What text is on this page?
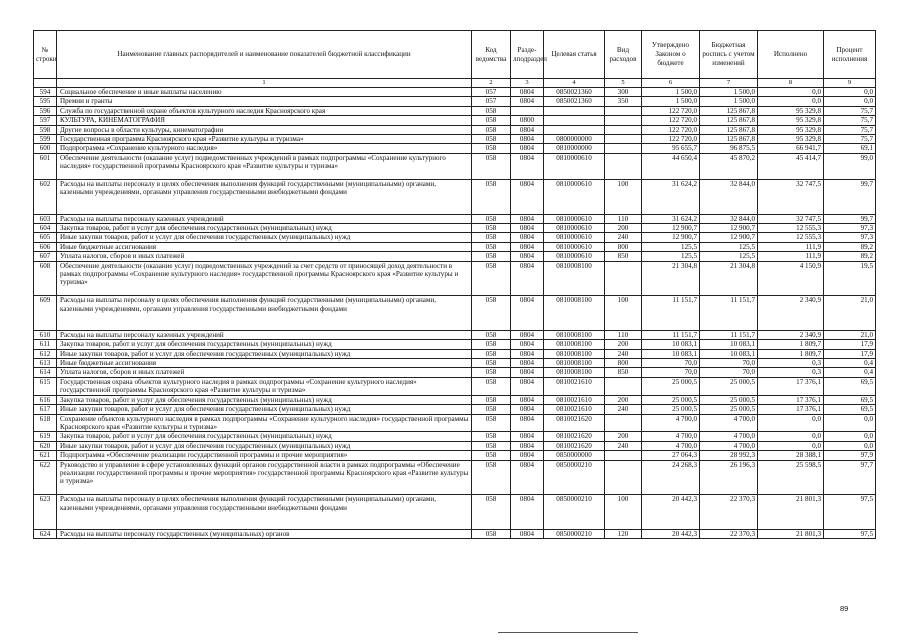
№ строки	Наименование главных распорядителей и наименование показателей бюджетной классификации	Код ведомства	Разде-лподраздел	Целевая статья	Вид расходов	Утверждено Законом о бюджете	Бюджетная роспись с учетом изменений	Исполнено	Процент исполнения
	1	2	3	4	5	6	7	8	9
594	Социальное обеспечение и иные выплаты населению	057	0804	0850021360	300	1 500,0	1 500,0	0,0	0,0
595	Премии и гранты	057	0804	0850021360	350	1 500,0	1 500,0	0,0	0,0
596	Служба по государственной охране объектов культурного наследия Красноярского края	058				122 720,0	125 867,8	95 329,8	75,7
597	КУЛЬТУРА, КИНЕМАТОГРАФИЯ	058	0800			122 720,0	125 867,8	95 329,8	75,7
598	Другие вопросы в области культуры, кинематографии	058	0804			122 720,0	125 867,8	95 329,8	75,7
599	Государственная программа Красноярского края «Развитие культуры и туризма»	058	0804	0800000000		122 720,0	125 867,8	95 329,8	75,7
600	Подпрограмма «Сохранение культурного наследия»	058	0804	0810000000		95 655,7	96 875,5	66 941,7	69,1
601	Обеспечение деятельности (оказание услуг) подведомственных учреждений в рамках подпрограммы «Сохранение культурного наследия» государственной программы Красноярского края «Развитие культуры и туризма»	058	0804	0810000610		44 650,4	45 870,2	45 414,7	99,0
602	Расходы на выплаты персоналу в целях обеспечения выполнения функций государственными (муниципальными) органами, казенными учреждениями, органами управления государственными внебюджетными фондами	058	0804	0810000610	100	31 624,2	32 844,0	32 747,5	99,7
603	Расходы на выплаты персоналу казенных учреждений	058	0804	0810000610	110	31 624,2	32 844,0	32 747,5	99,7
604	Закупка товаров, работ и услуг для обеспечения государственных (муниципальных) нужд	058	0804	0810000610	200	12 900,7	12 900,7	12 555,3	97,3
605	Иные закупки товаров, работ и услуг для обеспечения государственных (муниципальных) нужд	058	0804	0810000610	240	12 900,7	12 900,7	12 555,3	97,3
606	Иные бюджетные ассигнования	058	0804	0810000610	800	125,5	125,5	111,9	89,2
607	Уплата налогов, сборов и иных платежей	058	0804	0810000610	850	125,5	125,5	111,9	89,2
608	Обеспечение деятельности (оказание услуг) подведомственных учреждений за счет средств от приносящей доход деятельности в рамках подпрограммы «Сохранение культурного наследия» государственной программы Красноярского края «Развитие культуры и туризма»	058	0804	0810008100		21 304,8	21 304,8	4 150,9	19,5
609	Расходы на выплаты персоналу в целях обеспечения выполнения функций государственными (муниципальными) органами, казенными учреждениями, органами управления государственными внебюджетными фондами	058	0804	0810008100	100	11 151,7	11 151,7	2 340,9	21,0
610	Расходы на выплаты персоналу казенных учреждений	058	0804	0810008100	110	11 151,7	11 151,7	2 340,9	21,0
611	Закупка товаров, работ и услуг для обеспечения государственных (муниципальных) нужд	058	0804	0810008100	200	10 083,1	10 083,1	1 809,7	17,9
612	Иные закупки товаров, работ и услуг для обеспечения государственных (муниципальных) нужд	058	0804	0810008100	240	10 083,1	10 083,1	1 809,7	17,9
613	Иные бюджетные ассигнования	058	0804	0810008100	800	70,0	70,0	0,3	0,4
614	Уплата налогов, сборов и иных платежей	058	0804	0810008100	850	70,0	70,0	0,3	0,4
615	Государственная охрана объектов культурного наследия в рамках подпрограммы «Сохранение культурного наследия» государственной программы Красноярского края «Развитие культуры и туризма»	058	0804	0810021610		25 000,5	25 000,5	17 376,1	69,5
616	Закупка товаров, работ и услуг для обеспечения государственных (муниципальных) нужд	058	0804	0810021610	200	25 000,5	25 000,5	17 376,1	69,5
617	Иные закупки товаров, работ и услуг для обеспечения государственных (муниципальных) нужд	058	0804	0810021610	240	25 000,5	25 000,5	17 376,1	69,5
618	Сохранение объектов культурного наследия в рамках подпрограммы «Сохранение культурного наследия» государственной программы Красноярского края «Развитие культуры и туризма»	058	0804	0810021620		4 700,0	4 700,0	0,0	0,0
619	Закупка товаров, работ и услуг для обеспечения государственных (муниципальных) нужд	058	0804	0810021620	200	4 700,0	4 700,0	0,0	0,0
620	Иные закупки товаров, работ и услуг для обеспечения государственных (муниципальных) нужд	058	0804	0810021620	240	4 700,0	4 700,0	0,0	0,0
621	Подпрограмма «Обеспечение реализации государственной программы и прочие мероприятия»	058	0804	0850000000		27 064,3	28 992,3	28 388,1	97,9
622	Руководство и управление в сфере установленных функций органов государственной власти в рамках подпрограммы «Обеспечение реализации государственной программы и прочие мероприятия» государственной программы Красноярского края «Развитие культуры и туризма»	058	0804	0850000210		24 268,3	26 196,3	25 598,5	97,7
623	Расходы на выплаты персоналу в целях обеспечения выполнения функций государственными (муниципальными) органами, казенными учреждениями, органами управления государственными внебюджетными фондами	058	0804	0850000210	100	20 442,3	22 370,3	21 801,3	97,5
624	Расходы на выплаты персоналу государственных (муниципальных) органов	058	0804	0850000210	120	20 442,3	22 370,3	21 801,3	97,5
89
